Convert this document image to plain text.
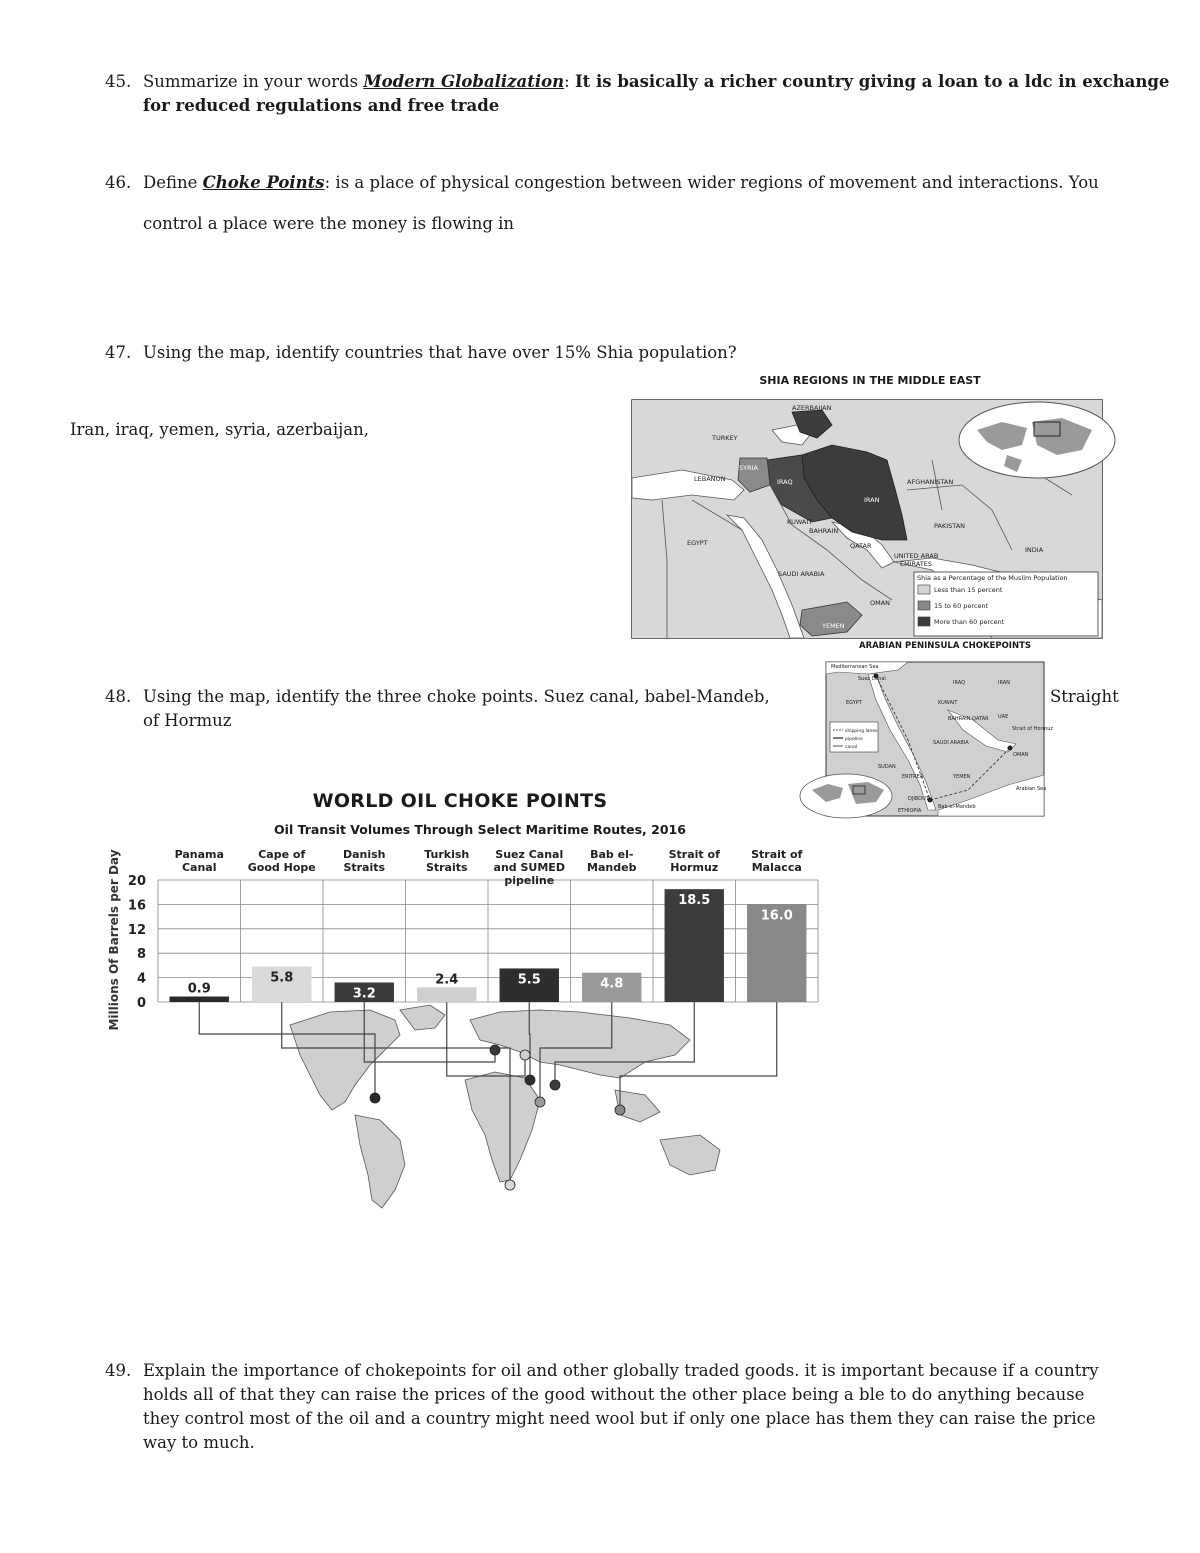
45. Summarize in your words Modern Globalization: It is basically a richer country giving a loan to a ldc in exchange
for reduced regulations and free trade
46. Define Choke Points: is a place of physical congestion between wider regions of movement and interactions. You
control a place were the money is flowing in
47. Using the map, identify countries that have over 15% Shia population?
Iran, iraq, yemen, syria, azerbaijan,
SHIA REGIONS IN THE MIDDLE EAST
AZERBAIJAN
TURKEY
SYRIA
LEBANON	IRAQ
IRAN
AFGHANISTAN
KUWAIT
BAHRAIN
QATAR
PAKISTAN
EGYPT
UNITED ARAB
EMIRATES
INDIA
SAUDI ARABIA
OMAN
YEMEN
Shia as a Percentage of the Muslim Population
Less than 15 percent
15 to 60 percent
More than 60 percent
ARABIAN PENINSULA CHOKEPOINTS
48. Using the map, identify the three choke points. Suez canal, babel-Mandeb,
of Hormuz
Straight
Mediterranean Sea
Suez Canal
IRAQ	IRAN
EGYPT	KUWAIT
BAHRAIN QATAR UAE
Strait of Hormuz
SAUDI ARABIA
OMAN
SUDAN
ERITREA	YEMEN
DJIBOUTI
ETHIOPIA
Bab el-Mandeb
Arabian Sea
shipping lanes
pipeline
canal
WORLD OIL CHOKE POINTS
Oil Transit Volumes Through Select Maritime Routes, 2016
0.9
5.8
3.2
2.4	5.5	4.8
18.5
16.0
Panama
Canal
Cape of
Good Hope
Danish
Straits
Turkish
Straits
Suez Canal
and SUMED
pipeline
Bab el-
Mandeb
Strait of
Hormuz
Strait of
Malacca
0
4
8
12
16
20
Millions Of Barrels per Day
49. Explain the importance of chokepoints for oil and other globally traded goods. it is important because if a country
holds all of that they can raise the prices of the good without the other place being a ble to do anything because
they control most of the oil and a country might need wool but if only one place has them they can raise the price
way to much.
